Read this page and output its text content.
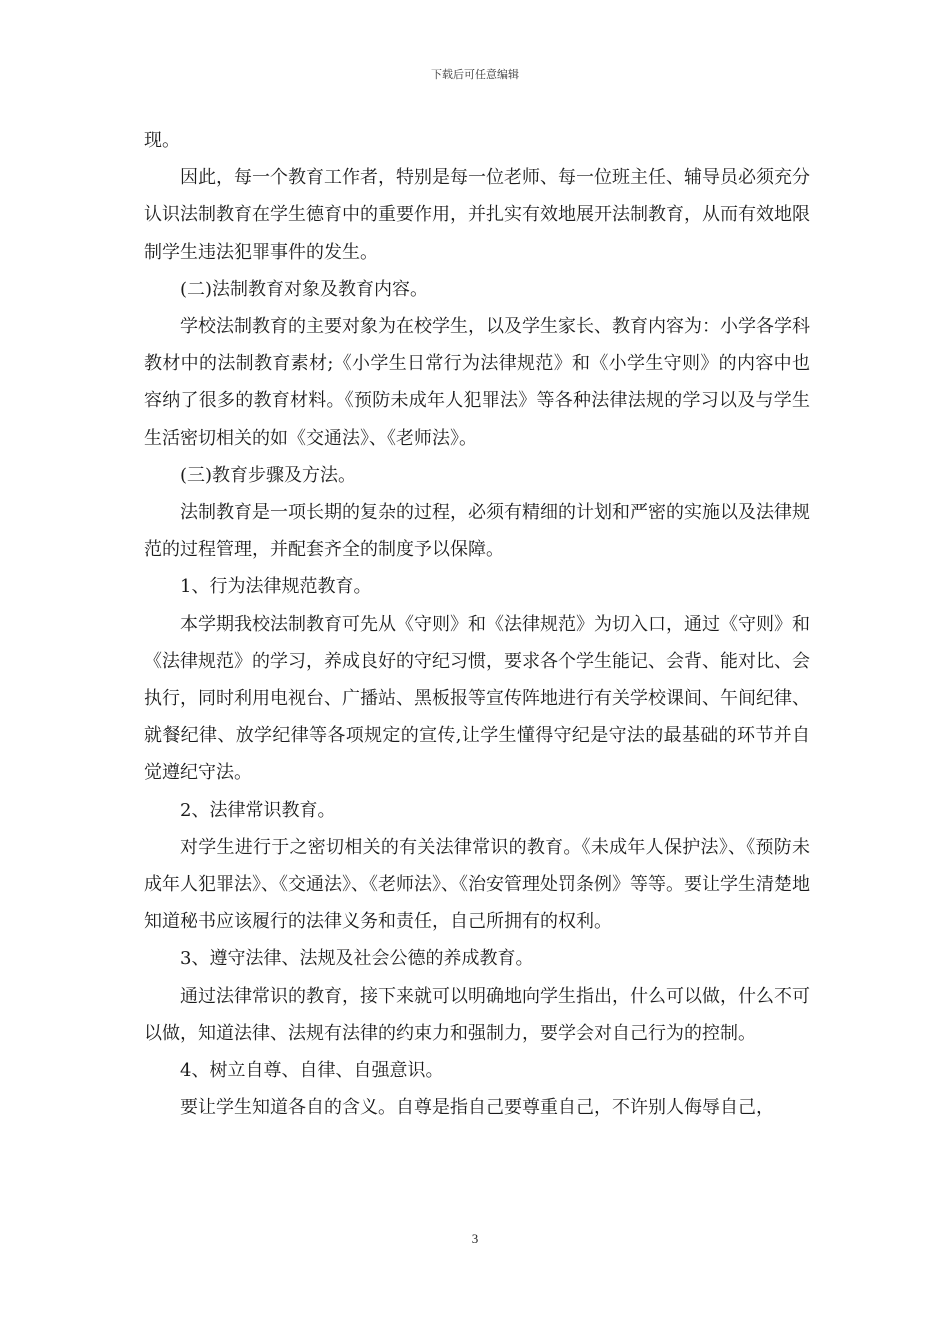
下载后可任意编辑

现。

因此，每一个教育工作者，特别是每一位老师、每一位班主任、辅导员必须充分认识法制教育在学生德育中的重要作用，并扎实有效地展开法制教育，从而有效地限制学生违法犯罪事件的发生。

(二)法制教育对象及教育内容。

学校法制教育的主要对象为在校学生，以及学生家长、教育内容为：小学各学科教材中的法制教育素材;《小学生日常行为法律规范》和《小学生守则》的内容中也容纳了很多的教育材料。《预防未成年人犯罪法》等各种法律法规的学习以及与学生生活密切相关的如《交通法》、《老师法》。

(三)教育步骤及方法。

法制教育是一项长期的复杂的过程，必须有精细的计划和严密的实施以及法律规范的过程管理，并配套齐全的制度予以保障。

1、行为法律规范教育。

本学期我校法制教育可先从《守则》和《法律规范》为切入口，通过《守则》和《法律规范》的学习，养成良好的守纪习惯，要求各个学生能记、会背、能对比、会执行，同时利用电视台、广播站、黑板报等宣传阵地进行有关学校课间、午间纪律、就餐纪律、放学纪律等各项规定的宣传,让学生懂得守纪是守法的最基础的环节并自觉遵纪守法。

2、法律常识教育。

对学生进行于之密切相关的有关法律常识的教育。《未成年人保护法》、《预防未成年人犯罪法》、《交通法》、《老师法》、《治安管理处罚条例》等等。要让学生清楚地知道秘书应该履行的法律义务和责任，自己所拥有的权利。

3、遵守法律、法规及社会公德的养成教育。

通过法律常识的教育，接下来就可以明确地向学生指出，什么可以做，什么不可以做，知道法律、法规有法律的约束力和强制力，要学会对自己行为的控制。

4、树立自尊、自律、自强意识。

要让学生知道各自的含义。自尊是指自己要尊重自己，不许别人侮辱自己，

3
